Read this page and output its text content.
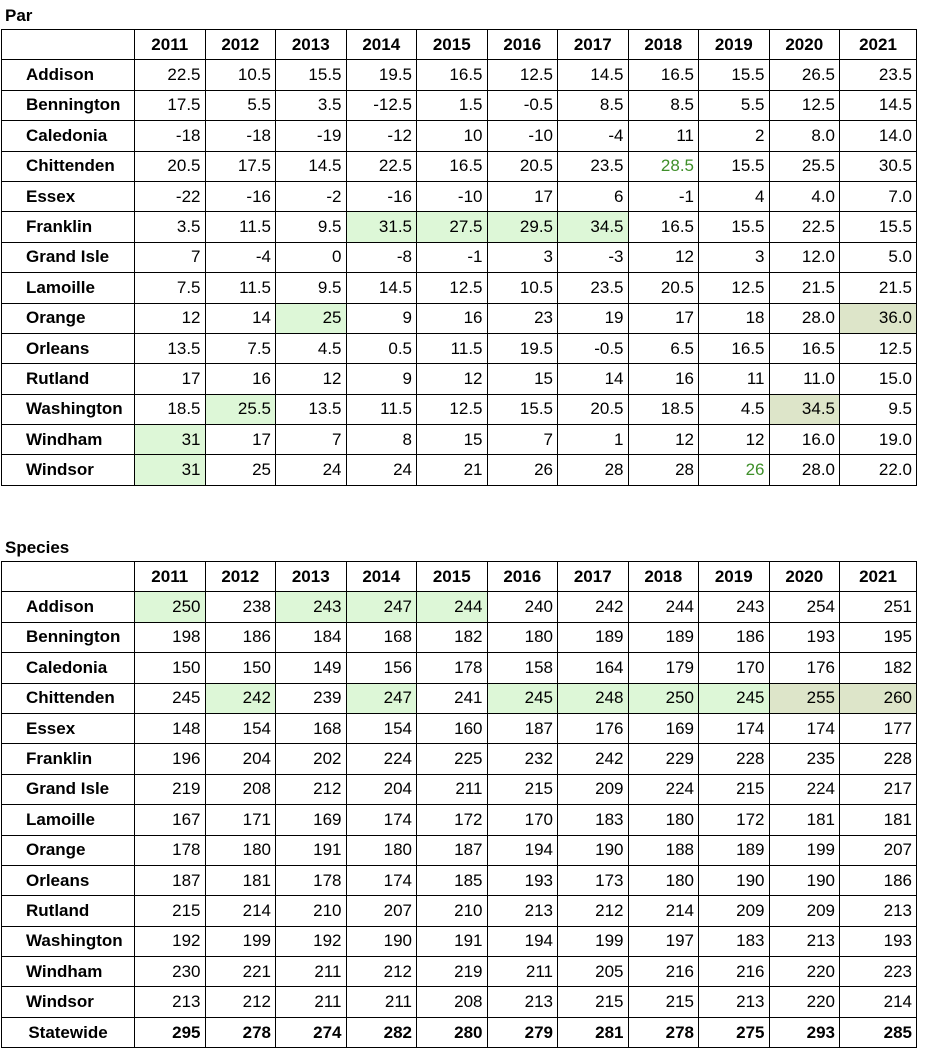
Par
	2011	2012	2013	2014	2015	2016	2017	2018	2019	2020	2021
Addison	22.5	10.5	15.5	19.5	16.5	12.5	14.5	16.5	15.5	26.5	23.5
Bennington	17.5	5.5	3.5	-12.5	1.5	-0.5	8.5	8.5	5.5	12.5	14.5
Caledonia	-18	-18	-19	-12	10	-10	-4	11	2	8.0	14.0
Chittenden	20.5	17.5	14.5	22.5	16.5	20.5	23.5	28.5	15.5	25.5	30.5
Essex	-22	-16	-2	-16	-10	17	6	-1	4	4.0	7.0
Franklin	3.5	11.5	9.5	31.5	27.5	29.5	34.5	16.5	15.5	22.5	15.5
Grand Isle	7	-4	0	-8	-1	3	-3	12	3	12.0	5.0
Lamoille	7.5	11.5	9.5	14.5	12.5	10.5	23.5	20.5	12.5	21.5	21.5
Orange	12	14	25	9	16	23	19	17	18	28.0	36.0
Orleans	13.5	7.5	4.5	0.5	11.5	19.5	-0.5	6.5	16.5	16.5	12.5
Rutland	17	16	12	9	12	15	14	16	11	11.0	15.0
Washington	18.5	25.5	13.5	11.5	12.5	15.5	20.5	18.5	4.5	34.5	9.5
Windham	31	17	7	8	15	7	1	12	12	16.0	19.0
Windsor	31	25	24	24	21	26	28	28	26	28.0	22.0
Species
	2011	2012	2013	2014	2015	2016	2017	2018	2019	2020	2021
Addison	250	238	243	247	244	240	242	244	243	254	251
Bennington	198	186	184	168	182	180	189	189	186	193	195
Caledonia	150	150	149	156	178	158	164	179	170	176	182
Chittenden	245	242	239	247	241	245	248	250	245	255	260
Essex	148	154	168	154	160	187	176	169	174	174	177
Franklin	196	204	202	224	225	232	242	229	228	235	228
Grand Isle	219	208	212	204	211	215	209	224	215	224	217
Lamoille	167	171	169	174	172	170	183	180	172	181	181
Orange	178	180	191	180	187	194	190	188	189	199	207
Orleans	187	181	178	174	185	193	173	180	190	190	186
Rutland	215	214	210	207	210	213	212	214	209	209	213
Washington	192	199	192	190	191	194	199	197	183	213	193
Windham	230	221	211	212	219	211	205	216	216	220	223
Windsor	213	212	211	211	208	213	215	215	213	220	214
Statewide	295	278	274	282	280	279	281	278	275	293	285
